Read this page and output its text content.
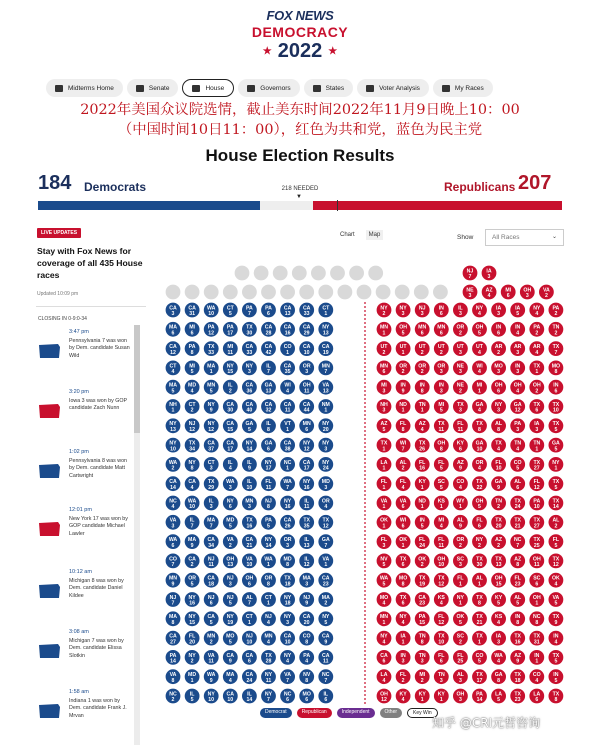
FOX NEWS
DEMOCRACY
★ 2022 ★
Midterms Home	Senate	House	Governors	States	Voter Analysis	My Races
2022年美国众议院选情，截止美东时间2022年11月9日晚上10：00
（中国时间10日11：00），红色为共和党，蓝色为民主党
House Election Results
184 Democrats	218 NEEDED
▼
Republicans 207
LIVE UPDATES
Stay with Fox News for coverage of all 435 House races
Updated 10:09 pm
CLOSING IN 0-9:0-34
3:47 pm
Pennsylvania 7 was won by Dem. candidate Susan Wild
3:20 pm
Iowa 3 was won by GOP candidate Zach Nunn
1:02 pm
Pennsylvania 8 was won by Dem. candidate Matt Cartwright
12:01 pm
New York 17 was won by GOP candidate Michael Lawler
10:12 am
Michigan 8 was won by Dem. candidate Daniel Kildee
3:08 am
Michigan 7 was won by Dem. candidate Elissa Slotkin
1:58 am
Indiana 1 was won by Dem. candidate Frank J. Mrvan
Chart	Map	Show	All Races	⌄
NJ
7
IA
3
NE
3
AZ
4
MI
6
OH
3
VA
2
CA
3
MA
6
CA
12
CT
4
MA
5
NH
1
NY
13
NY
10
WA
2
CA
14
NC
4
VA
3
WA
6
CO
7
MN
9
NJ
7
MA
8
CA
27
PA
14
VA
8
NC
2
CA
31
MI
6
PA
8
MI
5
MD
4
CT
2
NJ
12
TX
34
NY
8
CA
4
WA
10
IL
7
MA
9
CA
2
OR
5
NY
16
NY
15
FL
20
NY
2
MD
1
IL
5
WA
10
PA
12
TX
33
MA
1
MN
5
NY
9
NY
12
CA
37
CT
3
TX
29
IL
3
MA
7
CA
34
NJ
11
CA
18
NJ
6
CA
5
MN
2
VA
11
WA
9
NY
10
CT
5
PA
17
MI
11
NY
15
IL
2
CA
30
CA
15
CA
17
IL
4
WA
3
NY
6
MD
5
VA
2
OH
13
NJ
3
NJ
5
NY
19
MO
5
CA
9
MA
4
CA
10
PA
7
TX
30
CA
33
NY
3
CA
36
CA
40
GA
5
NY
14
IL
9
IL
10
MN
3
TX
16
CA
21
VA
10
OH
6
AL
7
CT
1
NJ
10
CA
6
CA
24
IL
14
PA
6
CA
28
CA
42
IL
7
GA
13
CA
32
IL
8
GA
6
NY
17
FL
11
NJ
8
PA
5
NY
14
WA
1
OR
8
CT
1
NJ
4
MN
4
TX
28
NY
11
NY
7
CA
13
CA
16
CO
1
CA
35
WI
4
CA
11
VT
1
CA
38
NC
1
WA
7
NY
16
CA
26
OR
3
MD
8
TX
18
NY
18
NY
3
CA
10
NY
4
VA
7
NC
6
CA
33
CA
29
CA
10
OR
3
OH
11
CA
44
MN
6
NY
12
CA
17
NY
16
IL
11
TX
35
IL
13
IL
12
MA
3
NJ
9
CA
20
CO
8
PA
4
NV
8
MO
6
CT
1
NY
13
CA
19
MN
7
VA
13
NM
1
NY
20
NY
3
NY
24
MD
3
OR
4
TX
12
GA
7
VA
1
CA
23
MA
2
NY
5
CA
9
CA
11
NC
7
IL
6
NY
2
MN
1
UT
2
MN
6
MI
3
NH
3
AZ
5
TX
1
LA
1
FL
1
VA
1
OK
1
FL
3
NV
5
WA
5
MO
4
MN
1
NY
4
CA
6
LA
4
OH
12
NY
3
OH
5
UT
1
OR
2
IN
9
ND
1
FL
8
WI
7
AL
2
FL
4
VA
6
WI
6
OK
1
TX
6
MO
8
TX
6
NY
4
IA
1
IN
3
FL
2
KY
4
NJ
3
MN
6
UT
2
OR
2
IN
8
TN
1
AZ
4
TX
26
FL
16
KY
1
ND
1
IN
5
FL
24
OK
2
TX
19
CA
23
PA
15
TN
8
TN
3
MI
2
KY
1
IN
6
MN
6
UT
2
OR
3
IN
3
MI
5
TX
11
OH
8
FL
5
SC
5
KS
1
MI
4
FL
11
OH
10
TX
12
KS
4
FL
12
TX
10
FL
6
TN
3
KY
1
IL
3
OR
2
UT
3
NE
3
NE
2
TX
3
FL
11
KY
6
AZ
9
CO
4
WY
1
AL
9
OR
2
SC
3
FL
1
NY
1
OK
5
SC
2
FL
25
AL
3
OH
3
NY
4
OH
5
UT
4
WI
4
MI
1
GA
4
TX
8
GA
10
OR
4
TX
22
OH
5
FL
6
NY
2
TX
30
AL
1
TX
8
TX
21
TX
1
CO
5
TX
17
PA
14
IA
3
IN
6
AR
2
MO
3
OH
6
NY
3
AL
8
TX
4
FL
10
GA
9
TN
2
TX
20
AZ
2
TX
13
OH
15
KY
5
KS
4
IA
3
WA
4
GA
8
LA
5
IA
5
IN
4
AR
3
IN
3
OH
4
GA
12
PA
3
TN
4
CO
5
AL
6
TX
24
TX
21
NC
7
AZ
8
FL
23
AL
5
IN
8
TX
16
AZ
9
TX
18
TX
23
NY
4
PA
2
AR
4
TX
1
OH
2
TX
6
IA
3
TN
1
TX
27
FL
12
PA
10
TX
27
TX
25
OH
11
SC
6
OH
1
NC
8
TX
31
IN
1
CO
4
LA
6
PA
2
TN
2
TX
7
MO
8
IN
6
TX
10
TX
5
GA
5
NY
1
TX
5
TX
14
AL
2
FL
5
TX
12
OK
4
VA
5
TX
9
IN
4
TX
5
IN
5
TX
8
Democrat	Republican	Independent	Other	Key Win
知乎 @CRI元哲咨询
